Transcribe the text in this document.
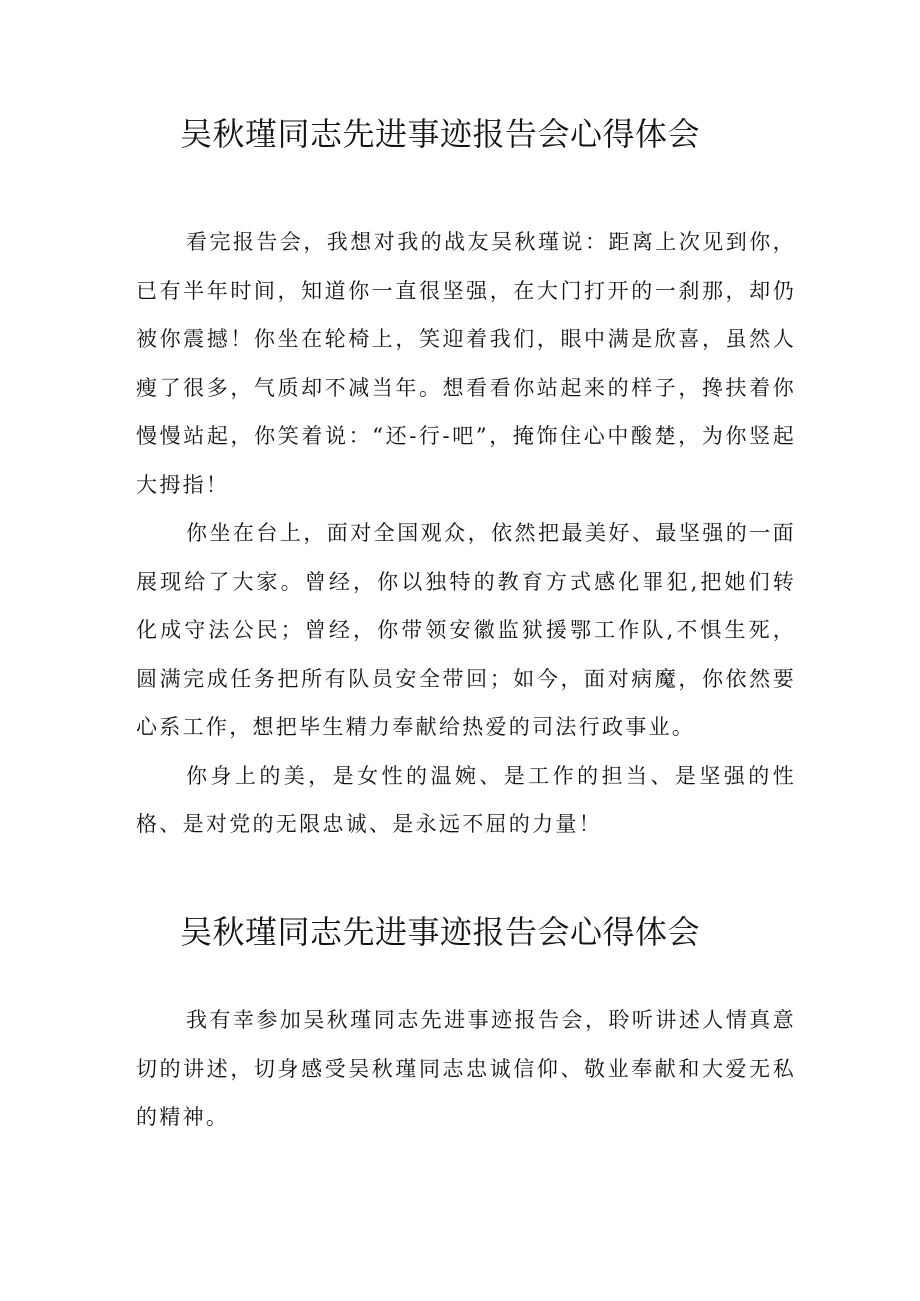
吴秋瑾同志先进事迹报告会心得体会

看完报告会，我想对我的战友吴秋瑾说：距离上次见到你，已有半年时间，知道你一直很坚强，在大门打开的一刹那，却仍被你震撼！你坐在轮椅上，笑迎着我们，眼中满是欣喜，虽然人瘦了很多，气质却不减当年。想看看你站起来的样子，搀扶着你慢慢站起，你笑着说：“还-行-吧”，掩饰住心中酸楚，为你竖起大拇指！

你坐在台上，面对全国观众，依然把最美好、最坚强的一面展现给了大家。曾经，你以独特的教育方式感化罪犯,把她们转化成守法公民；曾经，你带领安徽监狱援鄂工作队,不惧生死，圆满完成任务把所有队员安全带回；如今，面对病魔，你依然要心系工作，想把毕生精力奉献给热爱的司法行政事业。

你身上的美，是女性的温婉、是工作的担当、是坚强的性格、是对党的无限忠诚、是永远不屈的力量！

吴秋瑾同志先进事迹报告会心得体会

我有幸参加吴秋瑾同志先进事迹报告会，聆听讲述人情真意切的讲述，切身感受吴秋瑾同志忠诚信仰、敬业奉献和大爱无私的精神。
